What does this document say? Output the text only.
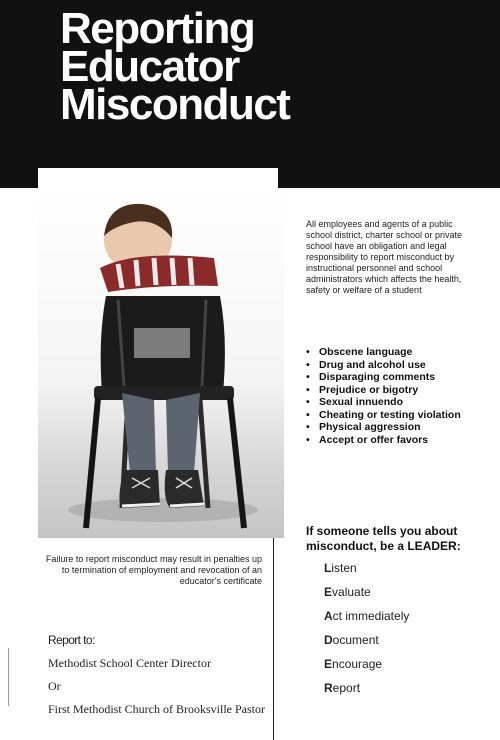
Reporting
Educator
Misconduct

All employees and agents of a public school district, charter school or private school have an obligation and legal responsibility to report misconduct by instructional personnel and school administrators which affects the health, safety or welfare of a student

• Obscene language
• Drug and alcohol use
• Disparaging comments
• Prejudice or bigotry
• Sexual innuendo
• Cheating or testing violation
• Physical aggression
• Accept or offer favors

If someone tells you about misconduct, be a LEADER:

Listen
Evaluate
Act immediately
Document
Encourage
Report

Failure to report misconduct may result in penalties up to termination of employment and revocation of an educator's certificate

Report to:
Methodist School Center Director
Or
First Methodist Church of Brooksville Pastor
